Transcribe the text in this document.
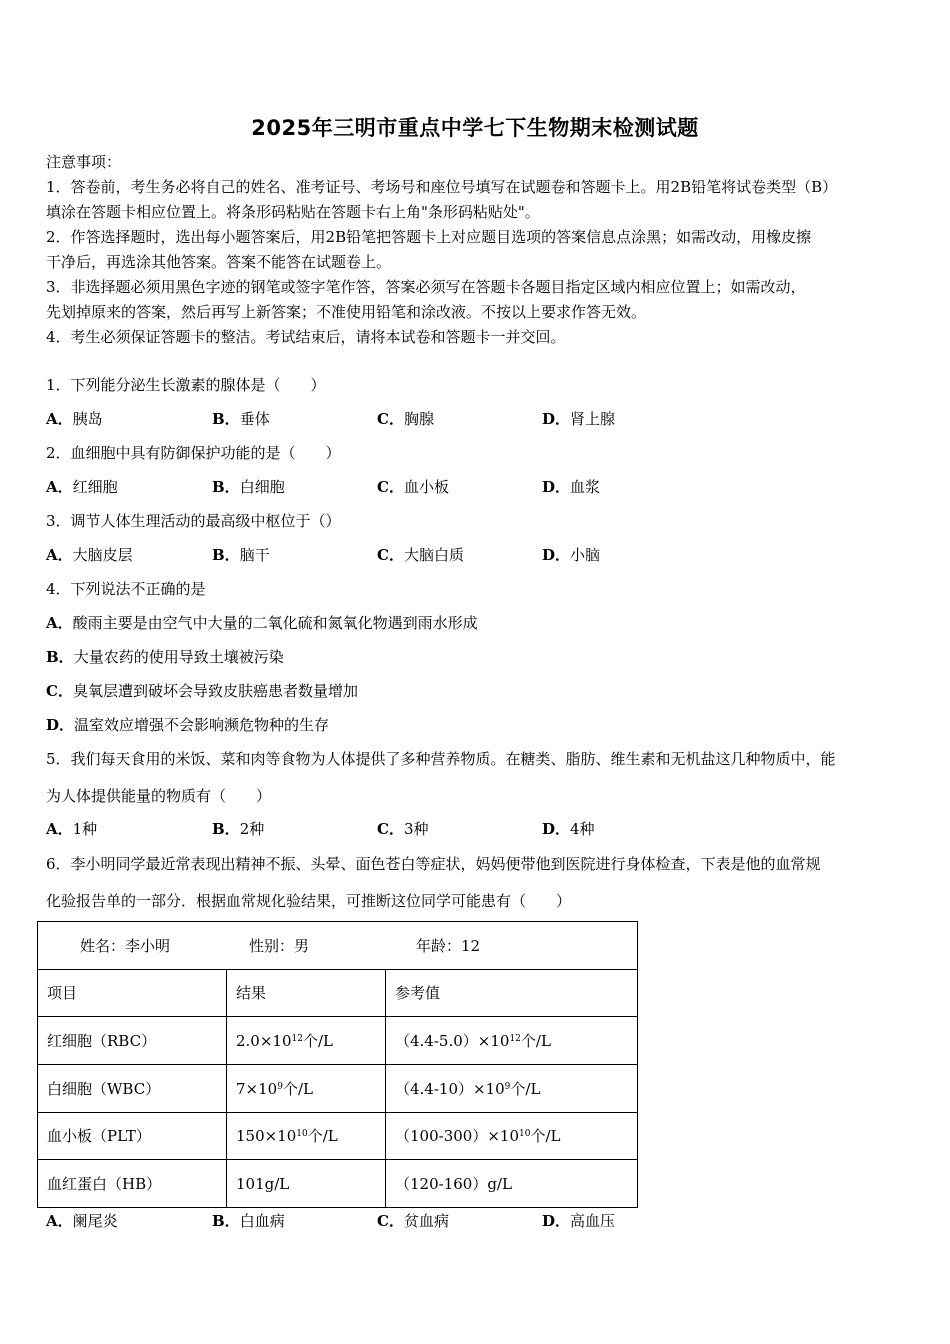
2025年三明市重点中学七下生物期末检测试题
注意事项：
1．答卷前，考生务必将自己的姓名、准考证号、考场号和座位号填写在试题卷和答题卡上。用2B铅笔将试卷类型（B）
填涂在答题卡相应位置上。将条形码粘贴在答题卡右上角"条形码粘贴处"。
2．作答选择题时，选出每小题答案后，用2B铅笔把答题卡上对应题目选项的答案信息点涂黑；如需改动，用橡皮擦
干净后，再选涂其他答案。答案不能答在试题卷上。
3．非选择题必须用黑色字迹的钢笔或签字笔作答，答案必须写在答题卡各题目指定区域内相应位置上；如需改动，
先划掉原来的答案，然后再写上新答案；不准使用铅笔和涂改液。不按以上要求作答无效。
4．考生必须保证答题卡的整洁。考试结束后，请将本试卷和答题卡一并交回。
1．下列能分泌生长激素的腺体是（　　）
A．胰岛	B．垂体	C．胸腺	D．肾上腺
2．血细胞中具有防御保护功能的是（　　）
A．红细胞	B．白细胞	C．血小板	D．血浆
3．调节人体生理活动的最高级中枢位于（）
A．大脑皮层	B．脑干	C．大脑白质	D．小脑
4．下列说法不正确的是
A．酸雨主要是由空气中大量的二氧化硫和氮氧化物遇到雨水形成
B．大量农药的使用导致土壤被污染
C．臭氧层遭到破坏会导致皮肤癌患者数量增加
D．温室效应增强不会影响濒危物种的生存
5．我们每天食用的米饭、菜和肉等食物为人体提供了多种营养物质。在糖类、脂肪、维生素和无机盐这几种物质中，能
为人体提供能量的物质有（　　）
A．1种	B．2种	C．3种	D．4种
6．李小明同学最近常表现出精神不振、头晕、面色苍白等症状，妈妈便带他到医院进行身体检查，下表是他的血常规
化验报告单的一部分．根据血常规化验结果，可推断这位同学可能患有（　　）
姓名：李小明 性别：男 年龄：12		
项目	结果	参考值
红细胞（RBC）	$2.0\times 10^{12}$个/L	$(4.4-5.0)\times 10^{12}$个/L
白细胞（WBC）	$7\times 10^9$个/L	$(4.4-10)\times 10^9$个/L
血小板（PLT）	$150\times 10^{10}$个/L	$(100-300)\times 10^{10}$个/L
血红蛋白（HB）	101g/L	（120-160）g/L
A．阑尾炎	B．白血病	C．贫血病	D．高血压
